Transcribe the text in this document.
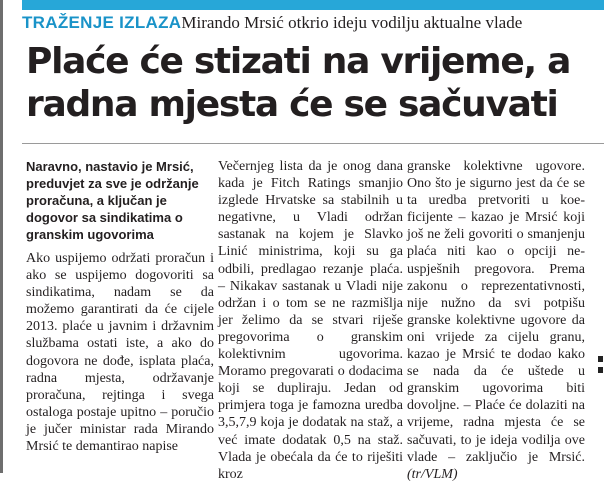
TRAŽENJE IZLAZAMirando Mrsić otkrio ideju vodilju aktualne vlade
Plaće će stizati na vrijeme, a
radna mjesta će se sačuvati

Naravno, nastavio je Mrsić, preduvjet za sve je održanje proračuna, a ključan je dogovor sa sindikatima o granskim ugovorima

Ako uspijemo održati proračun i ako se uspijemo dogovoriti sa sindikatima, nadam se da možemo garantirati da će cijele 2013. plaće u javnim i državnim službama ostati iste, a ako do dogovora ne dođe, isplata plaća, radna mjesta, održavanje proračuna, rejtinga i svega ostaloga postaje upitno – poručio je jučer ministar rada Mirando Mrsić te demantirao napise

Večernjeg lista da je onog dana kada je Fitch Ratings smanjio izglede Hrvatske sa stabilnih u negativne, u Vladi održan sastanak na kojem je Slavko Linić ministrima, koji su ga odbili, predlagao rezanje plaća. – Nikakav sastanak u Vladi nije održan i o tom se ne razmišlja jer želimo da se stvari riješe pregovorima o granskim kolektivnim ugovorima. Moramo pregovarati o dodacima koji se dupliraju. Jedan od primjera toga je famozna uredba 3,5,7,9 koja je dodatak na staž, a već imate dodatak 0,5 na staž. Vlada je obećala da će to riješiti kroz

granske kolektivne ugovore. Ono što je sigurno jest da će se ta uredba pretvoriti u koeficijente – kazao je Mrsić koji još ne želi govoriti o smanjenju plaća niti kao o opciji neuspješnih pregovora. Prema zakonu o reprezentativnosti, nije nužno da svi potpišu granske kolektivne ugovore da oni vrijede za cijelu granu, kazao je Mrsić te dodao kako se nada da će uštede u granskim ugovorima biti dovoljne. – Plaće će dolaziti na vrijeme, radna mjesta će se sačuvati, to je ideja vodilja ove vlade – zaključio je Mrsić. (tr/VLM)
